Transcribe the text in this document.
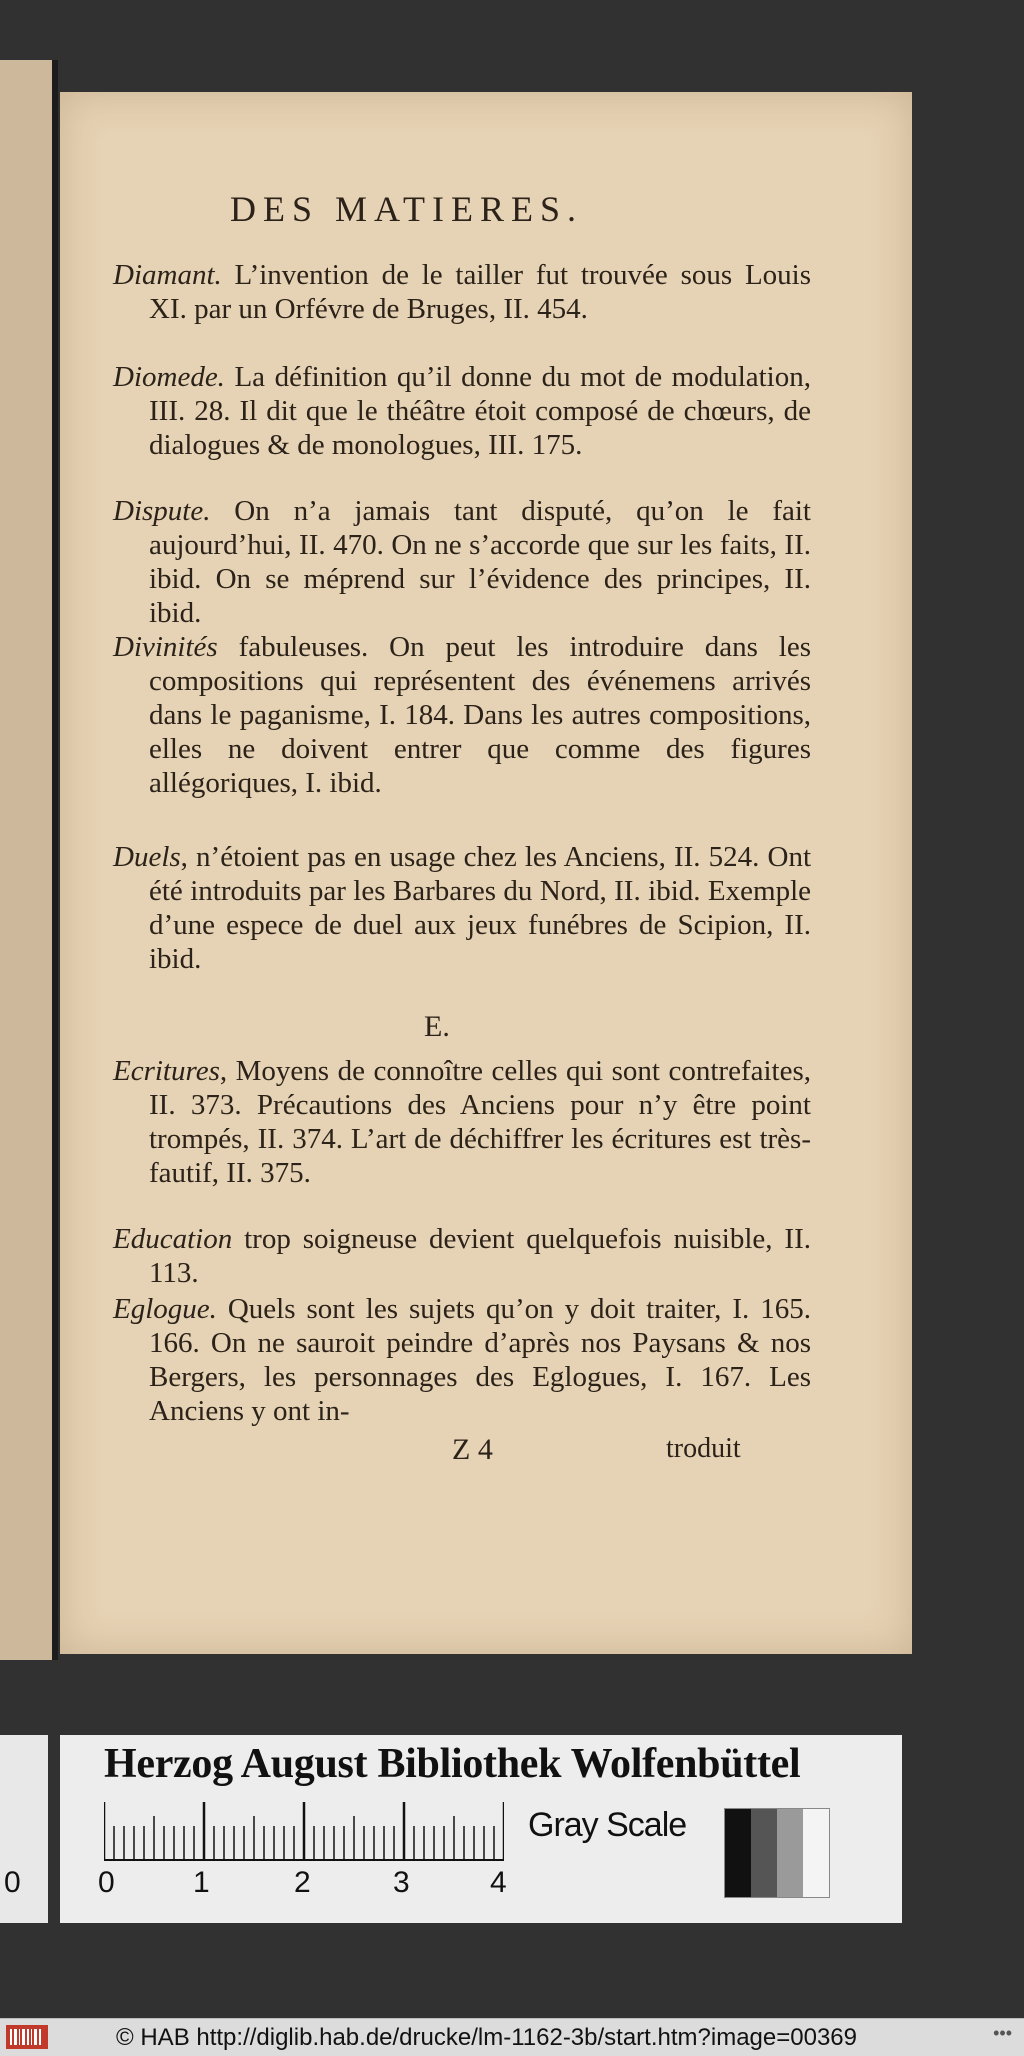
DES MATIERES.
Diamant. L’invention de le tailler fut trouvée sous Louis XI. par un Orfévre de Bruges, II. 454.
Diomede. La définition qu’il donne du mot de modulation, III. 28. Il dit que le théâtre étoit composé de chœurs, de dialogues & de monologues, III. 175.
Dispute. On n’a jamais tant disputé, qu’on le fait aujourd’hui, II. 470. On ne s’accorde que sur les faits, II. ibid. On se méprend sur l’évidence des principes, II. ibid.
Divinités fabuleuses. On peut les introduire dans les compositions qui représentent des événemens arrivés dans le paganisme, I. 184. Dans les autres compositions, elles ne doivent entrer que comme des figures allégoriques, I. ibid.
Duels, n’étoient pas en usage chez les Anciens, II. 524. Ont été introduits par les Barbares du Nord, II. ibid. Exemple d’une espece de duel aux jeux funébres de Scipion, II. ibid.
E.
Ecritures, Moyens de connoître celles qui sont contrefaites, II. 373. Précautions des Anciens pour n’y être point trompés, II. 374. L’art de déchiffrer les écritures est très-fautif, II. 375.
Education trop soigneuse devient quelquefois nuisible, II. 113.
Eglogue. Quels sont les sujets qu’on y doit traiter, I. 165. 166. On ne sauroit peindre d’après nos Paysans & nos Bergers, les personnages des Eglogues, I. 167. Les Anciens y ont in-
Z 4	troduit
0
Herzog August Bibliothek Wolfenbüttel
0	1	2	3	4
Gray Scale
© HAB http://diglib.hab.de/drucke/lm-1162-3b/start.htm?image=00369	•••
